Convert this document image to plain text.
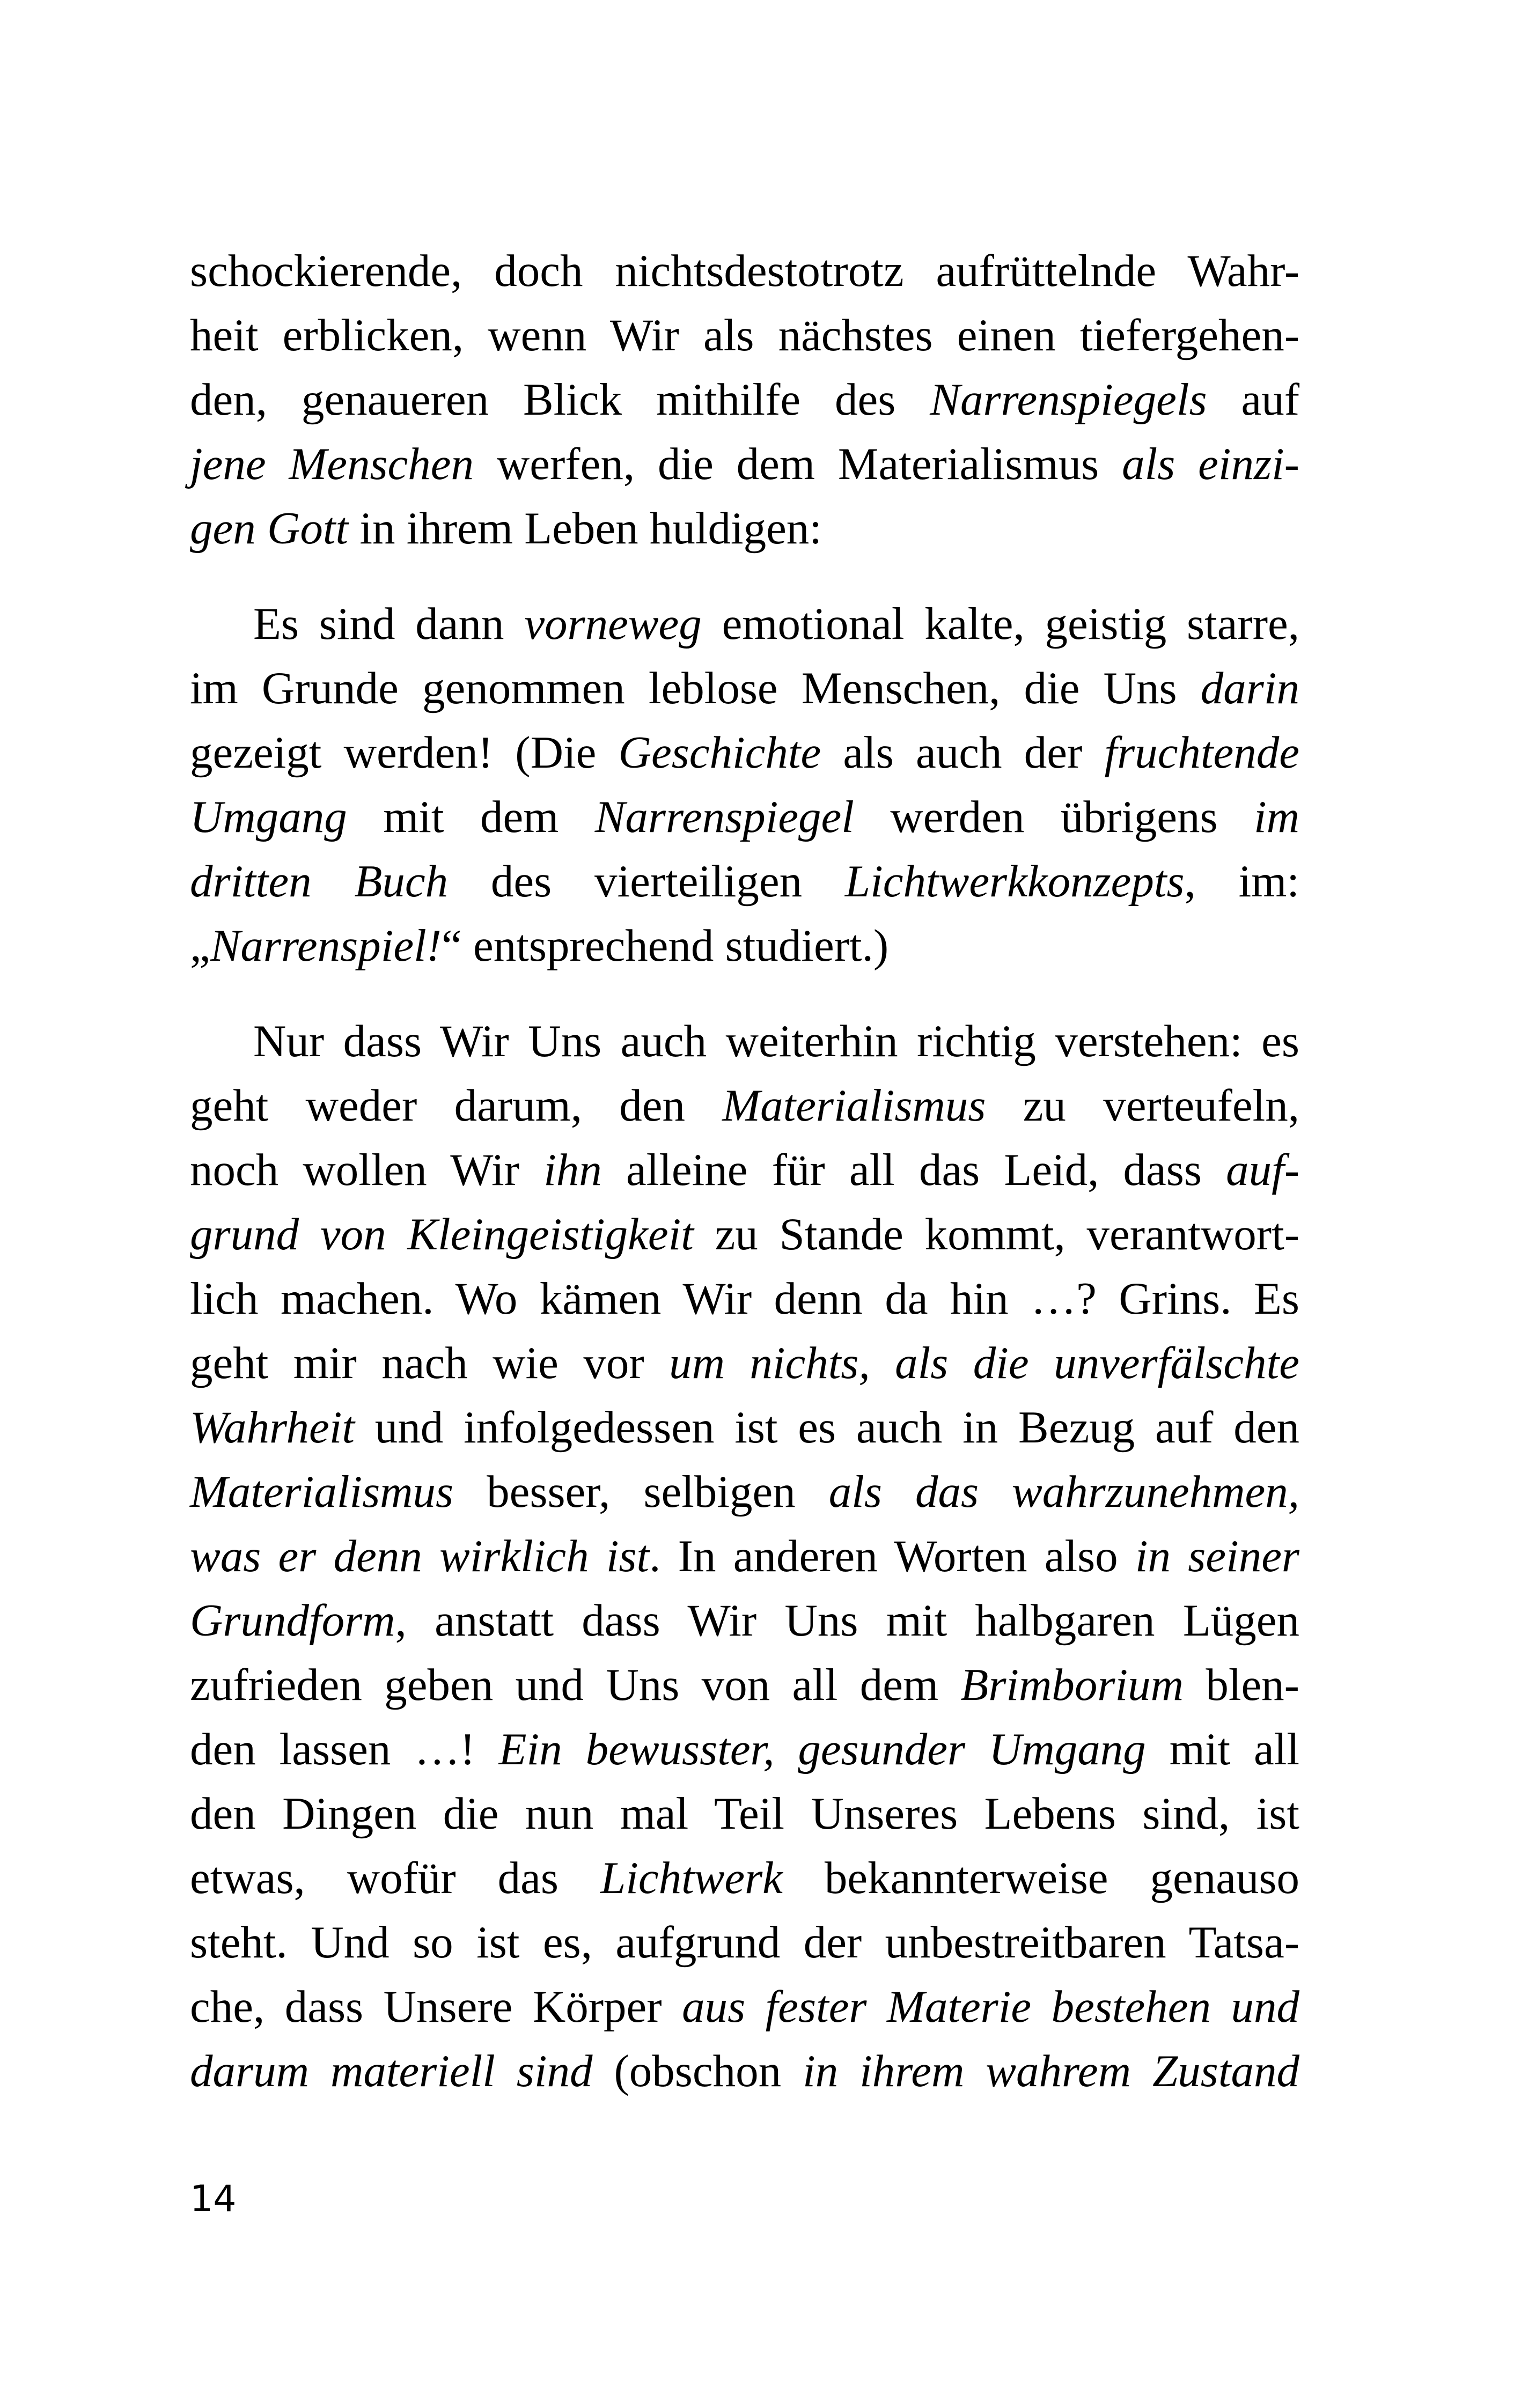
schockierende, doch nichtsdestotrotz aufrüttelnde Wahr-
heit erblicken, wenn Wir als nächstes einen tiefergehen-
den, genaueren Blick mithilfe des Narrenspiegels auf
jene Menschen werfen, die dem Materialismus als einzi-
gen Gott in ihrem Leben huldigen:
Es sind dann vorneweg emotional kalte, geistig starre,
im Grunde genommen leblose Menschen, die Uns darin
gezeigt werden! (Die Geschichte als auch der fruchtende
Umgang mit dem Narrenspiegel werden übrigens im
dritten Buch des vierteiligen Lichtwerkkonzepts, im:
„Narrenspiel!“ entsprechend studiert.)
Nur dass Wir Uns auch weiterhin richtig verstehen: es
geht weder darum, den Materialismus zu verteufeln,
noch wollen Wir ihn alleine für all das Leid, dass auf-
grund von Kleingeistigkeit zu Stande kommt, verantwort-
lich machen. Wo kämen Wir denn da hin …? Grins. Es
geht mir nach wie vor um nichts, als die unverfälschte
Wahrheit und infolgedessen ist es auch in Bezug auf den
Materialismus besser, selbigen als das wahrzunehmen,
was er denn wirklich ist. In anderen Worten also in seiner
Grundform, anstatt dass Wir Uns mit halbgaren Lügen
zufrieden geben und Uns von all dem Brimborium blen-
den lassen …! Ein bewusster, gesunder Umgang mit all
den Dingen die nun mal Teil Unseres Lebens sind, ist
etwas, wofür das Lichtwerk bekannterweise genauso
steht. Und so ist es, aufgrund der unbestreitbaren Tatsa-
che, dass Unsere Körper aus fester Materie bestehen und
darum materiell sind (obschon in ihrem wahrem Zustand
14
